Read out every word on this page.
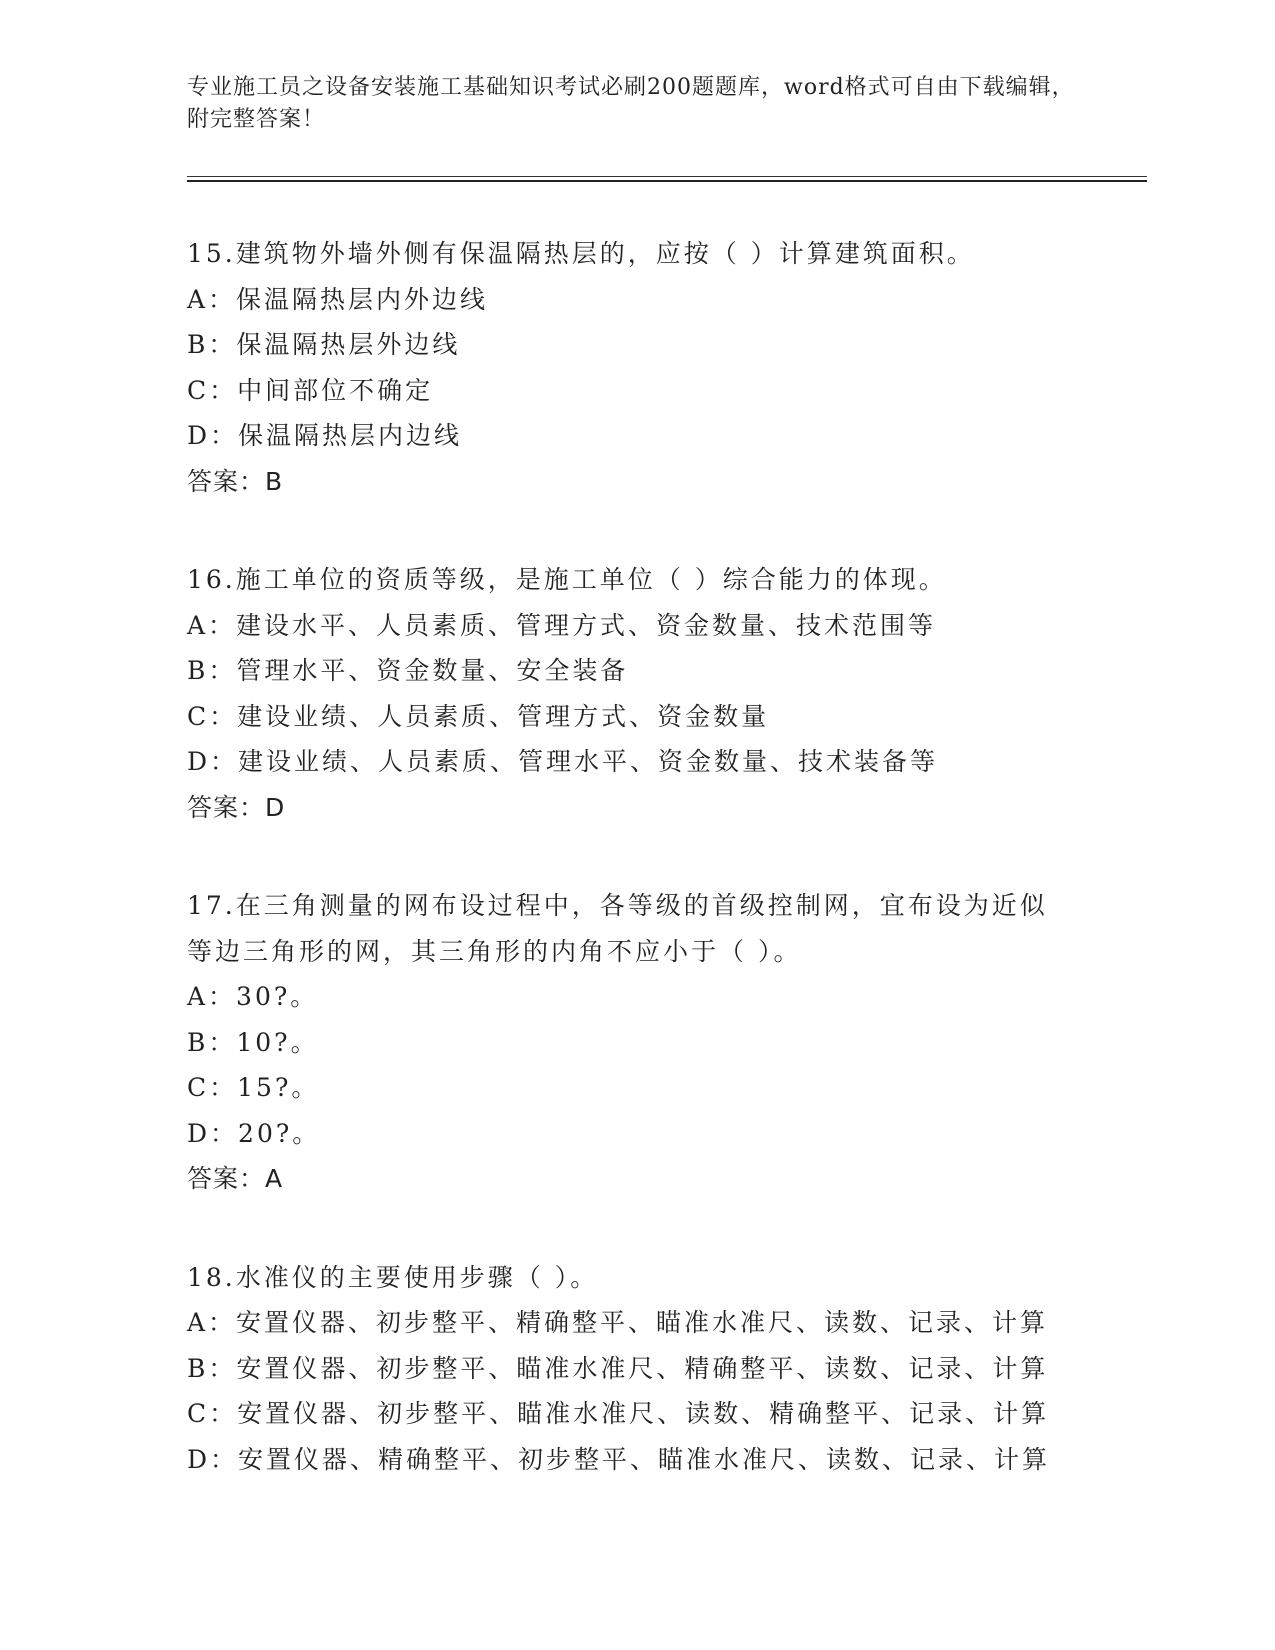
专业施工员之设备安装施工基础知识考试必刷200题题库，word格式可自由下载编辑，附完整答案！
15.建筑物外墙外侧有保温隔热层的，应按（ ）计算建筑面积。
A：保温隔热层内外边线
B：保温隔热层外边线
C：中间部位不确定
D：保温隔热层内边线
答案：B
16.施工单位的资质等级，是施工单位（ ）综合能力的体现。
A：建设水平、人员素质、管理方式、资金数量、技术范围等
B：管理水平、资金数量、安全装备
C：建设业绩、人员素质、管理方式、资金数量
D：建设业绩、人员素质、管理水平、资金数量、技术装备等
答案：D
17.在三角测量的网布设过程中，各等级的首级控制网，宜布设为近似等边三角形的网，其三角形的内角不应小于（ ）。
A：30?。
B：10?。
C：15?。
D：20?。
答案：A
18.水准仪的主要使用步骤（ ）。
A：安置仪器、初步整平、精确整平、瞄准水准尺、读数、记录、计算
B：安置仪器、初步整平、瞄准水准尺、精确整平、读数、记录、计算
C：安置仪器、初步整平、瞄准水准尺、读数、精确整平、记录、计算
D：安置仪器、精确整平、初步整平、瞄准水准尺、读数、记录、计算
